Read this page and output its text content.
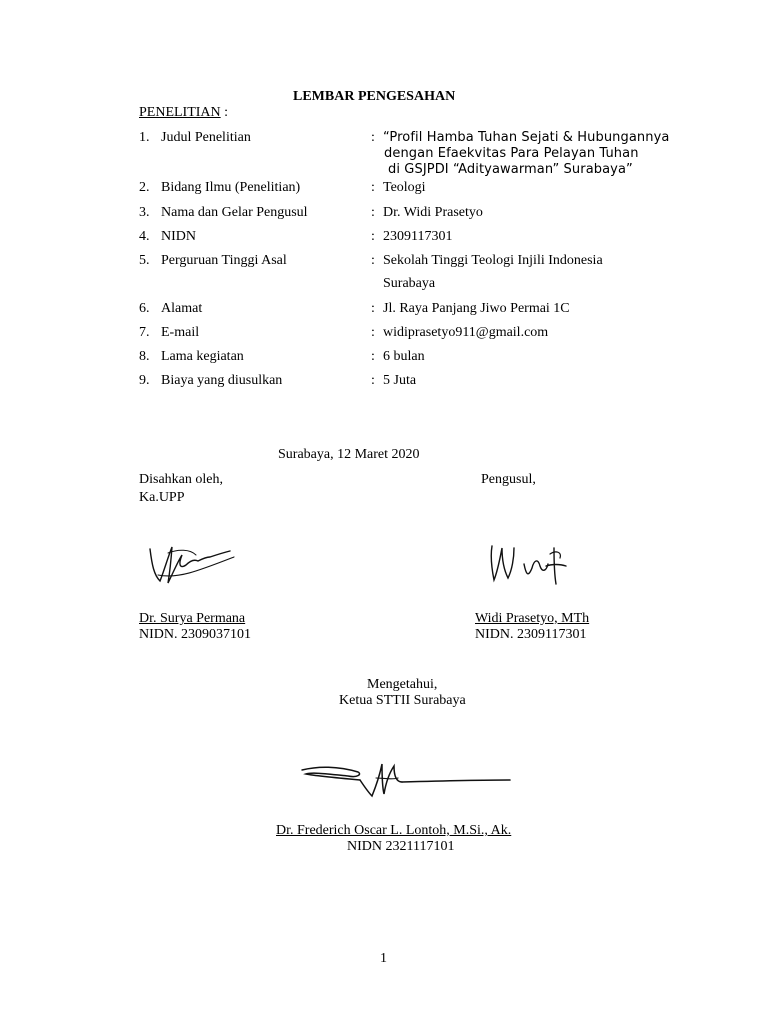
LEMBAR PENGESAHAN
PENELITIAN :
1. Judul Penelitian	: “Profil Hamba Tuhan Sejati & Hubungannya
dengan Efaekvitas Para Pelayan Tuhan
di GSJPDI “Adityawarman” Surabaya”
2. Bidang Ilmu (Penelitian)	: Teologi
3. Nama dan Gelar Pengusul	: Dr. Widi Prasetyo
4. NIDN	: 2309117301
5. Perguruan Tinggi Asal	: Sekolah Tinggi Teologi Injili Indonesia
Surabaya
6. Alamat	: Jl. Raya Panjang Jiwo Permai 1C
7. E-mail	: widiprasetyo911@gmail.com
8. Lama kegiatan	: 6 bulan
9. Biaya yang diusulkan	: 5 Juta
Surabaya, 12 Maret 2020
Disahkan oleh,
Ka.UPP
Pengusul,
Dr. Surya Permana
NIDN. 2309037101
Widi Prasetyo, MTh
NIDN. 2309117301
Mengetahui,
Ketua STTII Surabaya
Dr. Frederich Oscar L. Lontoh, M.Si., Ak.
NIDN 2321117101
1
